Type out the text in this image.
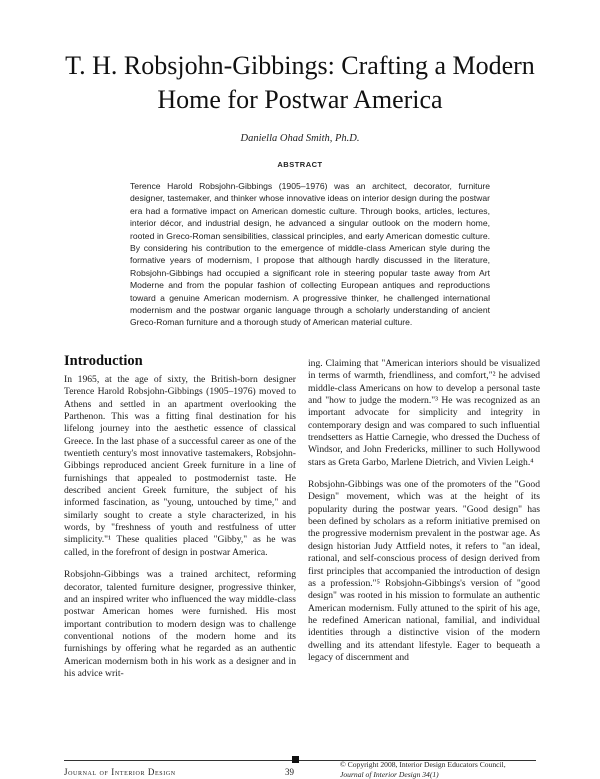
T. H. Robsjohn-Gibbings: Crafting a Modern Home for Postwar America
Daniella Ohad Smith, Ph.D.
ABSTRACT

Terence Harold Robsjohn-Gibbings (1905–1976) was an architect, decorator, furniture designer, tastemaker, and thinker whose innovative ideas on interior design during the postwar era had a formative impact on American domestic culture. Through books, articles, lectures, interior décor, and industrial design, he advanced a singular outlook on the modern home, rooted in Greco-Roman sensibilities, classical principles, and early American domestic culture. By considering his contribution to the emergence of middle-class American style during the formative years of modernism, I propose that although hardly discussed in the literature, Robsjohn-Gibbings had occupied a significant role in steering popular taste away from Art Moderne and from the popular fashion of collecting European antiques and reproductions toward a genuine American modernism. A progressive thinker, he challenged international modernism and the postwar organic language through a scholarly understanding of ancient Greco-Roman furniture and a thorough study of American material culture.

Introduction

In 1965, at the age of sixty, the British-born designer Terence Harold Robsjohn-Gibbings (1905–1976) moved to Athens and settled in an apartment overlooking the Parthenon. This was a fitting final destination for his lifelong journey into the aesthetic essence of classical Greece. In the last phase of a successful career as one of the twentieth century's most innovative tastemakers, Robsjohn-Gibbings reproduced ancient Greek furniture in a line of furnishings that appealed to postmodernist taste. He described ancient Greek furniture, the subject of his informed fascination, as "young, untouched by time," and similarly sought to create a style characterized, in his words, by "freshness of youth and restfulness of utter simplicity."¹ These qualities placed "Gibby," as he was called, in the forefront of design in postwar America.

Robsjohn-Gibbings was a trained architect, reforming decorator, talented furniture designer, progressive thinker, and an inspired writer who influenced the way middle-class postwar American homes were furnished. His most important contribution to modern design was to challenge conventional notions of the modern home and its furnishings by offering what he regarded as an authentic American modernism both in his work as a designer and in his advice writ-

ing. Claiming that "American interiors should be visualized in terms of warmth, friendliness, and comfort,"² he advised middle-class Americans on how to develop a personal taste and "how to judge the modern."³ He was recognized as an important advocate for simplicity and integrity in contemporary design and was compared to such influential trendsetters as Hattie Carnegie, who dressed the Duchess of Windsor, and John Fredericks, milliner to such Hollywood stars as Greta Garbo, Marlene Dietrich, and Vivien Leigh.⁴

Robsjohn-Gibbings was one of the promoters of the "Good Design" movement, which was at the height of its popularity during the postwar years. "Good design" has been defined by scholars as a reform initiative premised on the progressive modernism prevalent in the postwar age. As design historian Judy Attfield notes, it refers to "an ideal, rational, and self-conscious process of design derived from first principles that accompanied the introduction of design as a profession."⁵ Robsjohn-Gibbings's version of "good design" was rooted in his mission to formulate an authentic American modernism. Fully attuned to the spirit of his age, he redefined American national, familial, and individual identities through a distinctive vision of the modern dwelling and its attendant lifestyle. Eager to bequeath a legacy of discernment and

Journal of Interior Design	39
© Copyright 2008, Interior Design Educators Council,
Journal of Interior Design 34(1)
